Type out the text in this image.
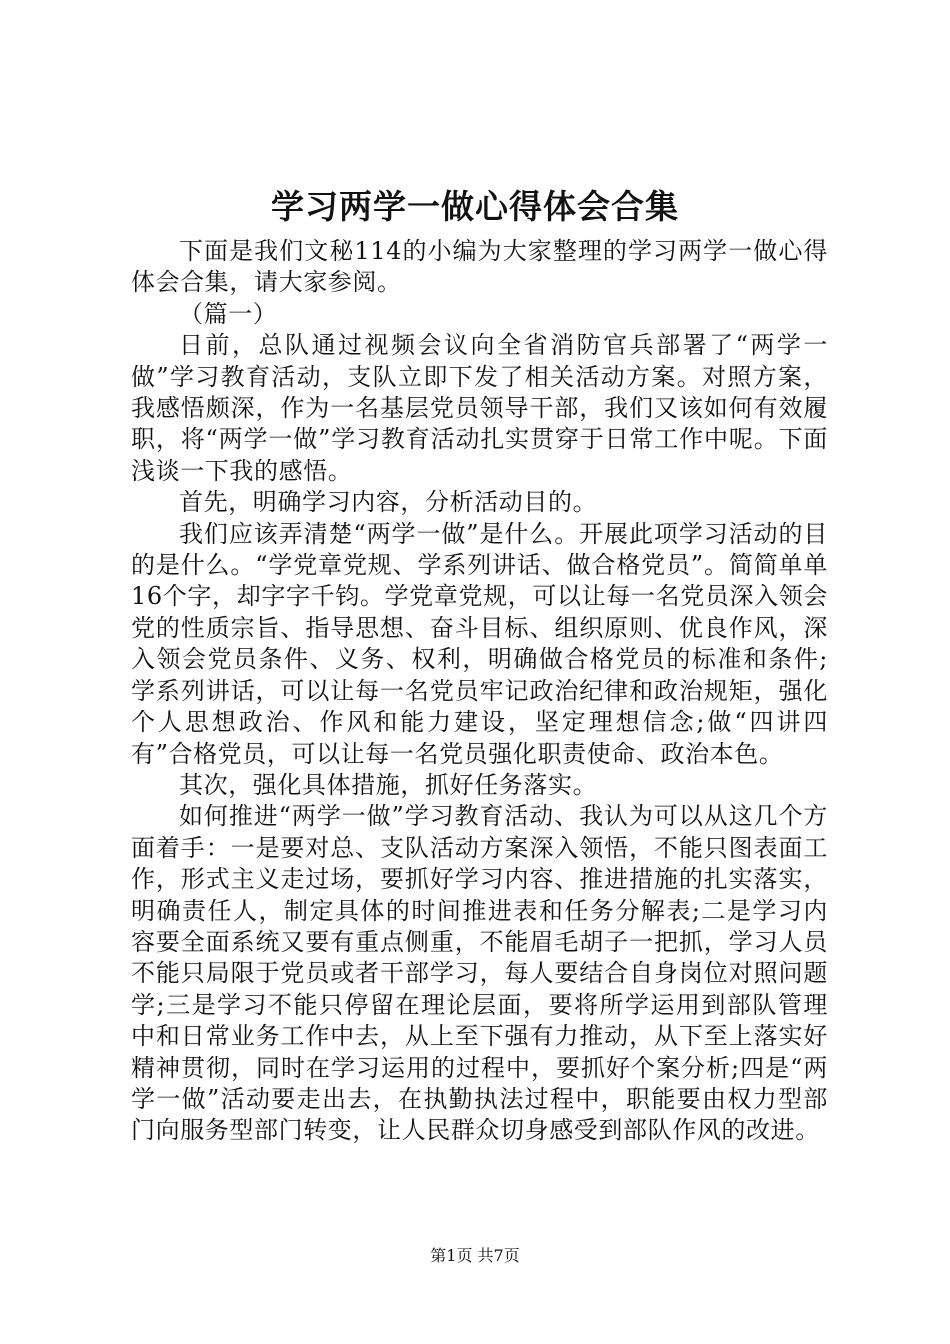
学习两学一做心得体会合集

下面是我们文秘114的小编为大家整理的学习两学一做心得体会合集，请大家参阅。

（篇一）

日前，总队通过视频会议向全省消防官兵部署了“两学一做”学习教育活动，支队立即下发了相关活动方案。对照方案，我感悟颇深，作为一名基层党员领导干部，我们又该如何有效履职，将“两学一做”学习教育活动扎实贯穿于日常工作中呢。下面浅谈一下我的感悟。

首先，明确学习内容，分析活动目的。

我们应该弄清楚“两学一做”是什么。开展此项学习活动的目的是什么。“学党章党规、学系列讲话、做合格党员”。简简单单16个字，却字字千钧。学党章党规，可以让每一名党员深入领会党的性质宗旨、指导思想、奋斗目标、组织原则、优良作风，深入领会党员条件、义务、权利，明确做合格党员的标准和条件;学系列讲话，可以让每一名党员牢记政治纪律和政治规矩，强化个人思想政治、作风和能力建设，坚定理想信念;做“四讲四有”合格党员，可以让每一名党员强化职责使命、政治本色。

其次，强化具体措施，抓好任务落实。

如何推进“两学一做”学习教育活动、我认为可以从这几个方面着手：一是要对总、支队活动方案深入领悟，不能只图表面工作，形式主义走过场，要抓好学习内容、推进措施的扎实落实，明确责任人，制定具体的时间推进表和任务分解表;二是学习内容要全面系统又要有重点侧重，不能眉毛胡子一把抓，学习人员不能只局限于党员或者干部学习，每人要结合自身岗位对照问题学;三是学习不能只停留在理论层面，要将所学运用到部队管理中和日常业务工作中去，从上至下强有力推动，从下至上落实好精神贯彻，同时在学习运用的过程中，要抓好个案分析;四是“两学一做”活动要走出去，在执勤执法过程中，职能要由权力型部门向服务型部门转变，让人民群众切身感受到部队作风的改进。

第1页 共7页
